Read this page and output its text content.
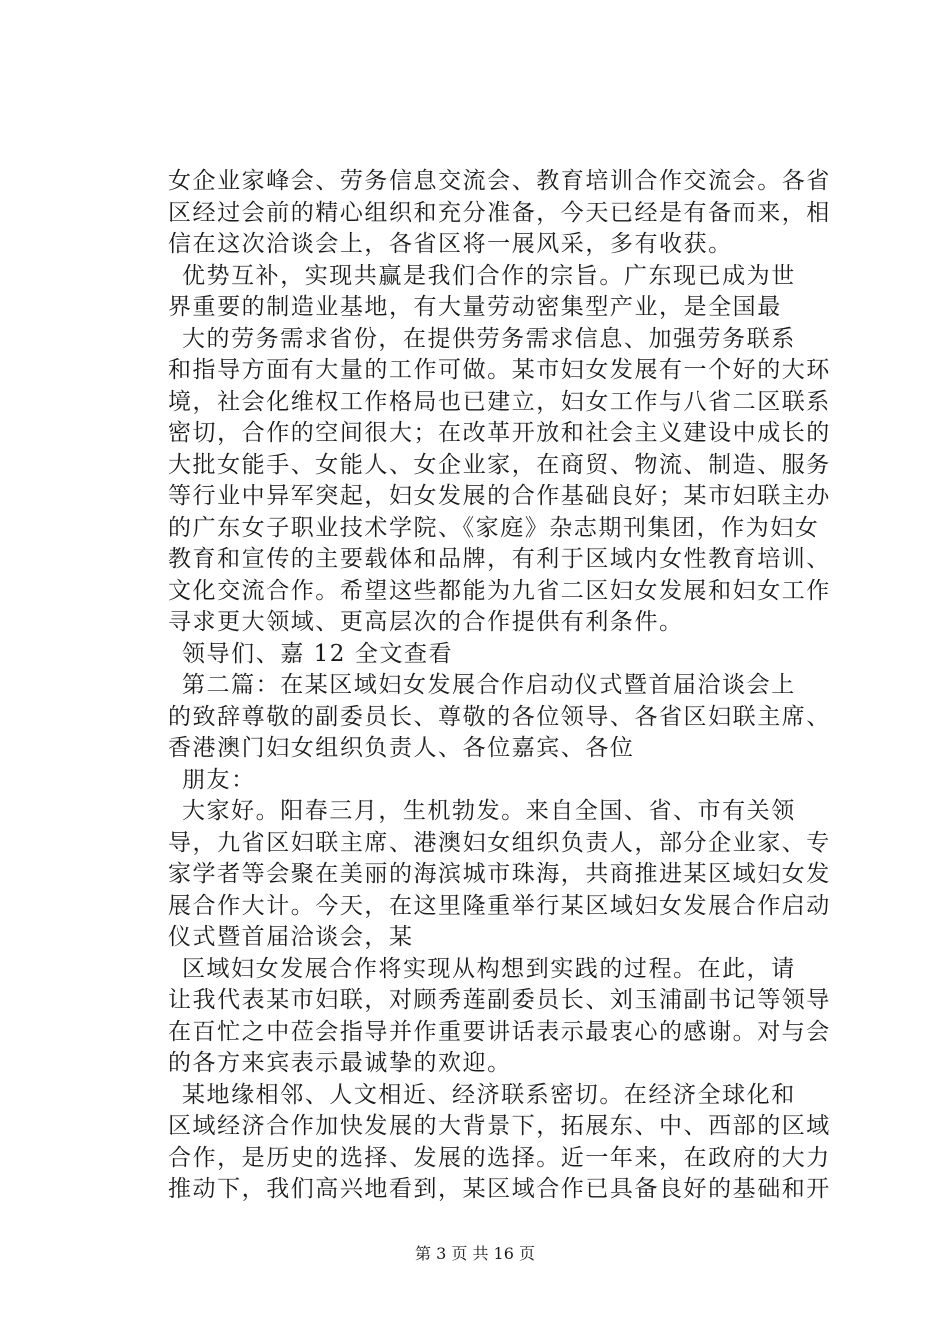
女企业家峰会、劳务信息交流会、教育培训合作交流会。各省
区经过会前的精心组织和充分准备，今天已经是有备而来，相
信在这次洽谈会上，各省区将一展风采，多有收获。
优势互补，实现共赢是我们合作的宗旨。广东现已成为世
界重要的制造业基地，有大量劳动密集型产业，是全国最
大的劳务需求省份，在提供劳务需求信息、加强劳务联系
和指导方面有大量的工作可做。某市妇女发展有一个好的大环
境，社会化维权工作格局也已建立，妇女工作与八省二区联系
密切，合作的空间很大；在改革开放和社会主义建设中成长的
大批女能手、女能人、女企业家，在商贸、物流、制造、服务
等行业中异军突起，妇女发展的合作基础良好；某市妇联主办
的广东女子职业技术学院、《家庭》杂志期刊集团，作为妇女
教育和宣传的主要载体和品牌，有利于区域内女性教育培训、
文化交流合作。希望这些都能为九省二区妇女发展和妇女工作
寻求更大领域、更高层次的合作提供有利条件。
领导们、嘉 12 全文查看
第二篇：在某区域妇女发展合作启动仪式暨首届洽谈会上
的致辞尊敬的副委员长、尊敬的各位领导、各省区妇联主席、
香港澳门妇女组织负责人、各位嘉宾、各位
朋友：
大家好。阳春三月，生机勃发。来自全国、省、市有关领
导，九省区妇联主席、港澳妇女组织负责人，部分企业家、专
家学者等会聚在美丽的海滨城市珠海，共商推进某区域妇女发
展合作大计。今天，在这里隆重举行某区域妇女发展合作启动
仪式暨首届洽谈会，某
区域妇女发展合作将实现从构想到实践的过程。在此，请
让我代表某市妇联，对顾秀莲副委员长、刘玉浦副书记等领导
在百忙之中莅会指导并作重要讲话表示最衷心的感谢。对与会
的各方来宾表示最诚挚的欢迎。
某地缘相邻、人文相近、经济联系密切。在经济全球化和
区域经济合作加快发展的大背景下，拓展东、中、西部的区域
合作，是历史的选择、发展的选择。近一年来，在政府的大力
推动下，我们高兴地看到，某区域合作已具备良好的基础和开
第 3 页 共 16 页
